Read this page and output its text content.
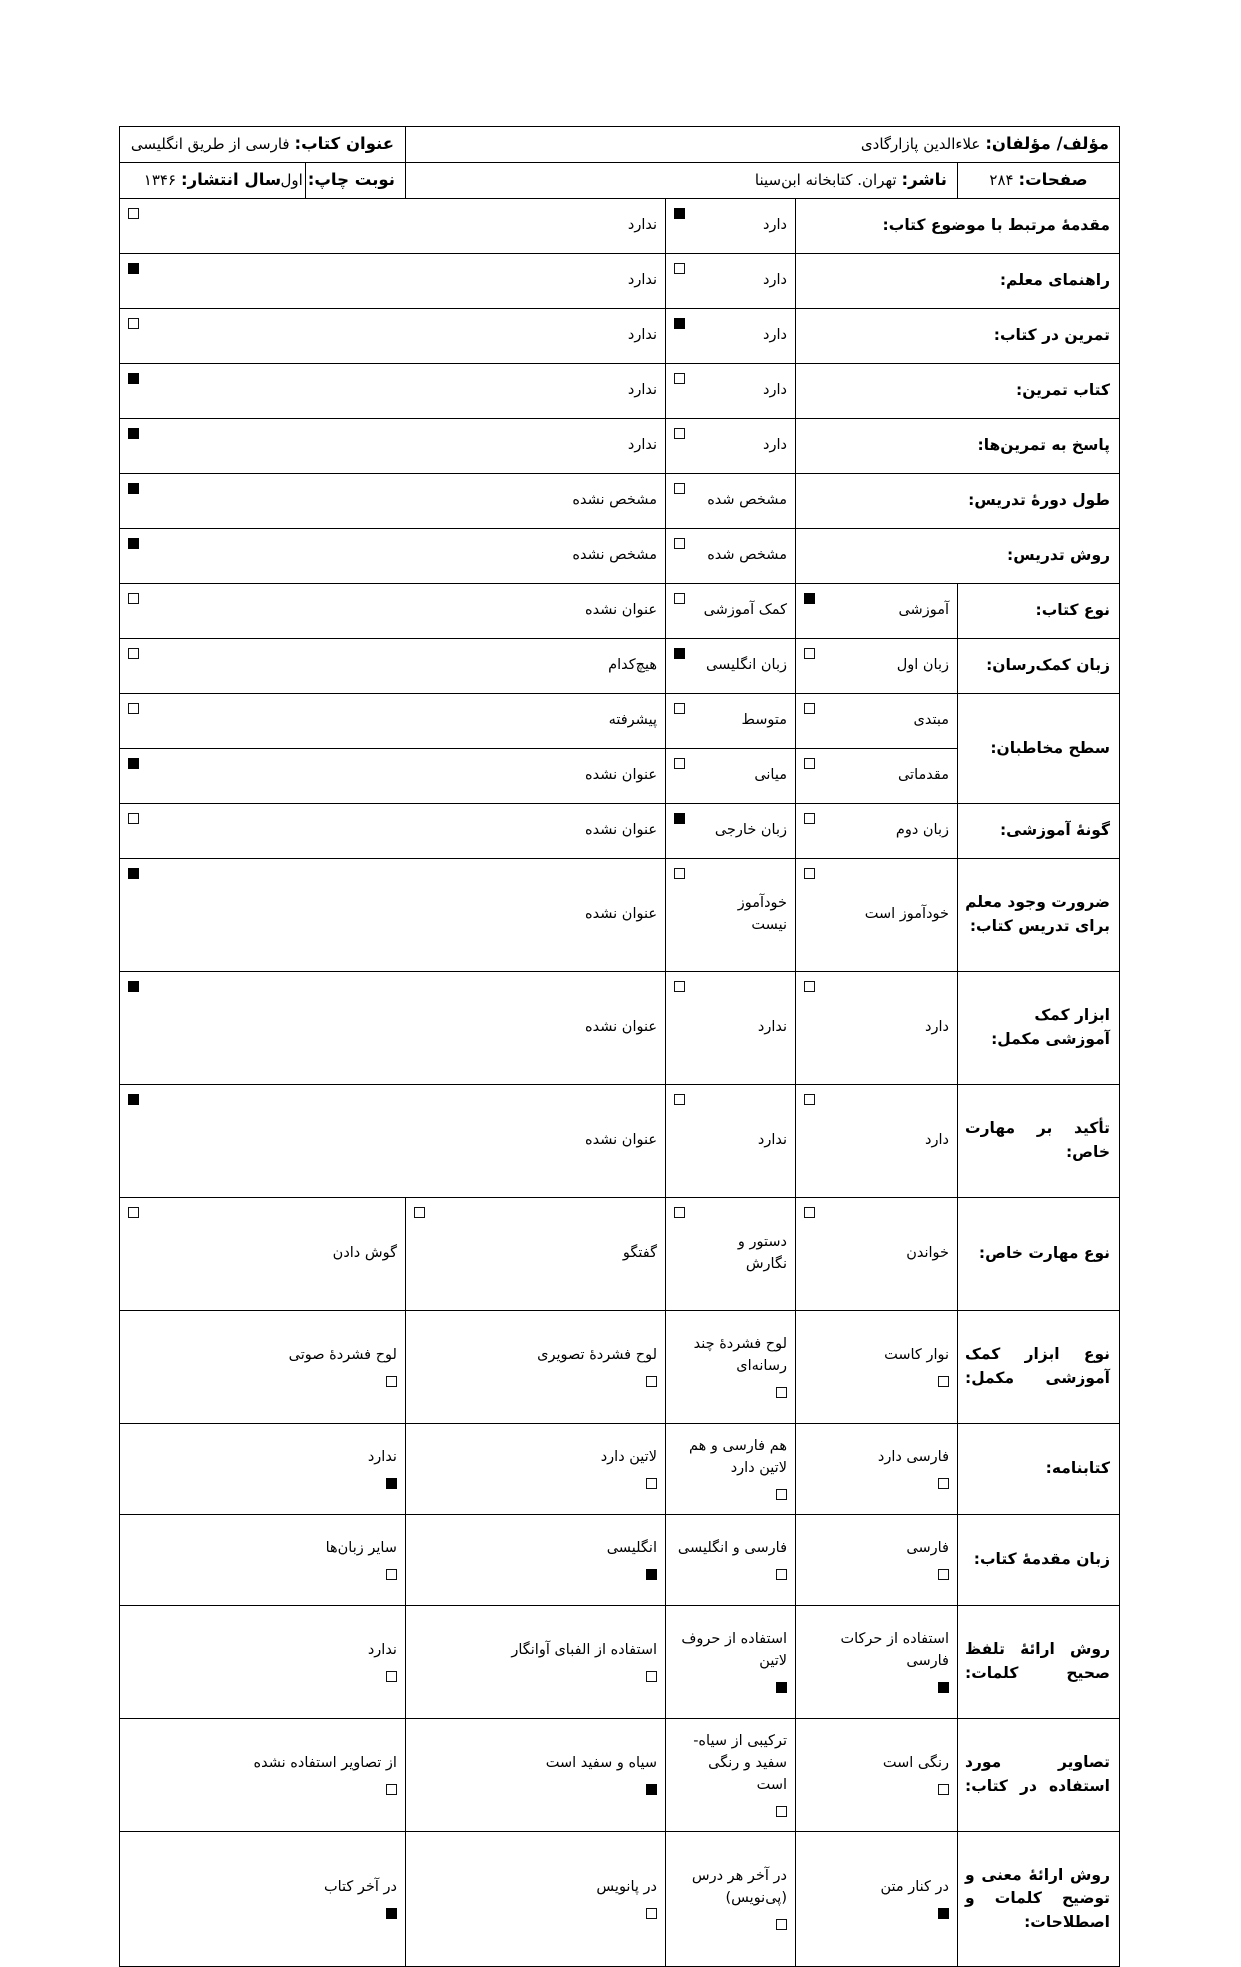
مؤلف/ مؤلفان: علاءالدین پازارگادی				عنوان کتاب: فارسی از طریق انگلیسی	
صفحات: ۲۸۴	ناشر: تهران. کتابخانه ابن‌سینا			نوبت چاپ: اول	سال انتشار: ۱۳۴۶
مقدمهٔ مرتبط با موضوع کتاب:		دارد	ندارد		

راهنمای معلم:		دارد	ندارد		

تمرین در کتاب:		دارد	ندارد		

کتاب تمرین:		دارد	ندارد		

پاسخ به تمرین‌ها:		دارد	ندارد		

طول دورهٔ تدریس:		مشخص شده	مشخص نشده		

روش تدریس:		مشخص شده	مشخص نشده		

نوع کتاب:	آموزشی	کمک آموزشی	عنوان نشده		

زبان کمک‌رسان:	زبان اول	زبان انگلیسی	هیچ‌کدام		

سطح مخاطبان:	مبتدی	متوسط	پیشرفته		

	مقدماتی	میانی	عنوان نشده		

گونهٔ آموزشی:	زبان دوم	زبان خارجی	عنوان نشده		

ضرورت وجود معلم برای تدریس کتاب:	خودآموز است	خودآموز نیست	عنوان نشده		

ابزار کمک آموزشی مکمل:	دارد	ندارد	عنوان نشده		

تأکید بر مهارت خاص:	دارد	ندارد	عنوان نشده		

نوع مهارت خاص:	خواندن	دستور و نگارش	گفتگو	گوش دادن	

نوع ابزار کمک آموزشی مکمل:	نوار کاست	لوح فشردهٔ چند رسانه‌ای	لوح فشردهٔ تصویری	لوح فشردهٔ صوتی	

کتابنامه:	فارسی دارد	هم فارسی و هم لاتین دارد	لاتین دارد	ندارد	

زبان مقدمهٔ کتاب:	فارسی	فارسی و انگلیسی	انگلیسی	سایر زبان‌ها	

روش ارائهٔ تلفظ صحیح کلمات:	استفاده از حرکات فارسی	استفاده از حروف لاتین	استفاده از الفبای آوانگار	ندارد	

تصاویر مورد استفاده در کتاب:	رنگی است	ترکیبی از سیاه- سفید و رنگی است	سیاه و سفید است	از تصاویر استفاده نشده	

روش ارائهٔ معنی و توضیح کلمات و اصطلاحات:	در کنار متن	در آخر هر درس (پی‌نویس)	در پانویس	در آخر کتاب	
